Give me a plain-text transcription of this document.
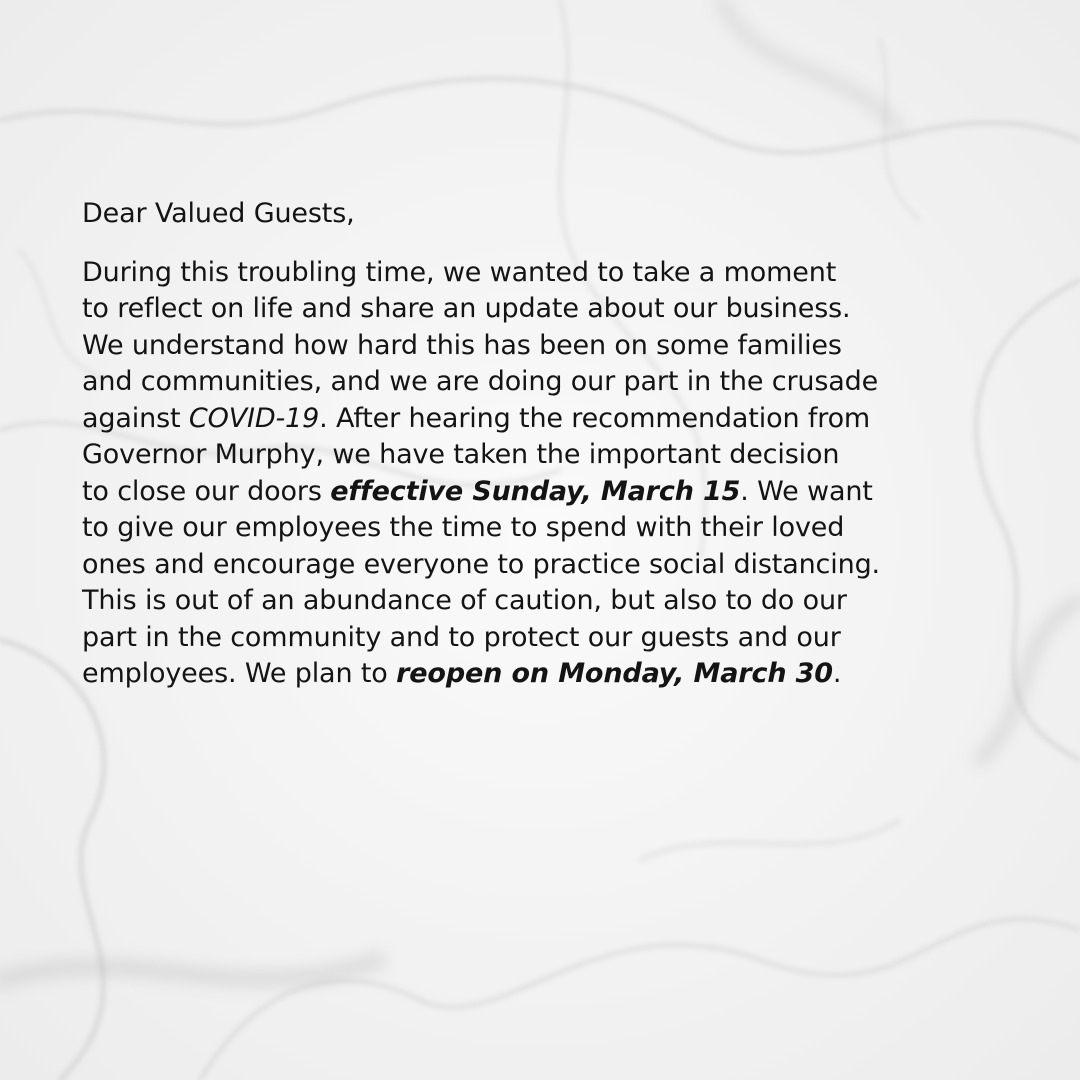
Dear Valued Guests,

During this troubling time, we wanted to take a moment
to reflect on life and share an update about our business.
We understand how hard this has been on some families
and communities, and we are doing our part in the crusade
against COVID-19. After hearing the recommendation from
Governor Murphy, we have taken the important decision
to close our doors effective Sunday, March 15. We want
to give our employees the time to spend with their loved
ones and encourage everyone to practice social distancing.
This is out of an abundance of caution, but also to do our
part in the community and to protect our guests and our
employees. We plan to reopen on Monday, March 30.
